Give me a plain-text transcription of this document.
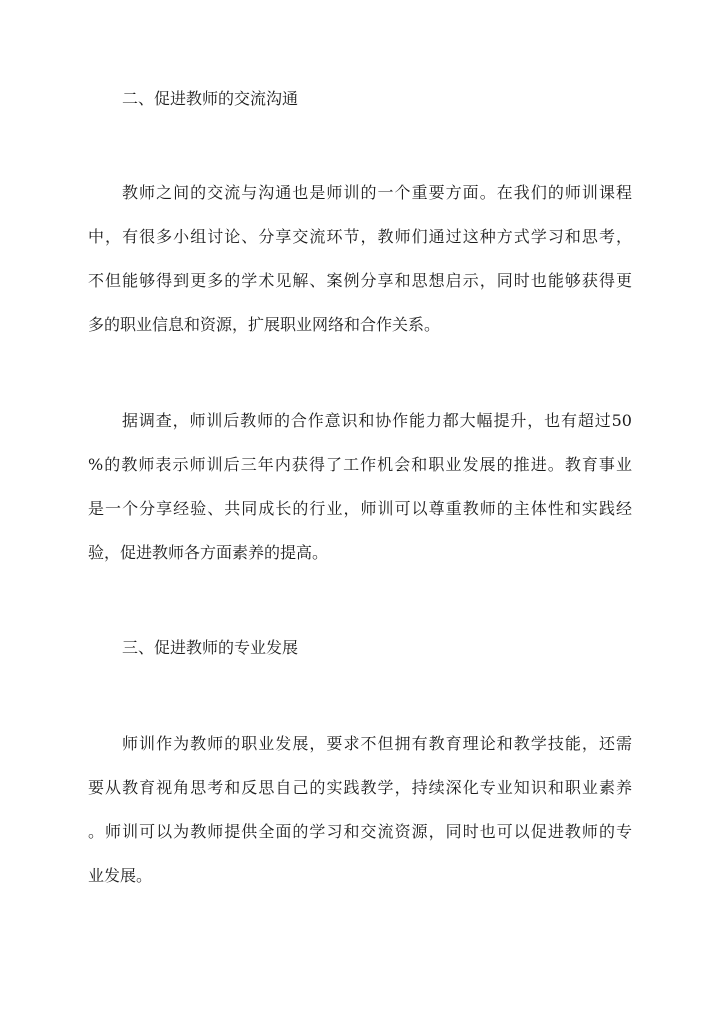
二、促进教师的交流沟通
教师之间的交流与沟通也是师训的一个重要方面。在我们的师训课程
中，有很多小组讨论、分享交流环节，教师们通过这种方式学习和思考，
不但能够得到更多的学术见解、案例分享和思想启示，同时也能够获得更
多的职业信息和资源，扩展职业网络和合作关系。
据调查，师训后教师的合作意识和协作能力都大幅提升，也有超过50
%的教师表示师训后三年内获得了工作机会和职业发展的推进。教育事业
是一个分享经验、共同成长的行业，师训可以尊重教师的主体性和实践经
验，促进教师各方面素养的提高。
三、促进教师的专业发展
师训作为教师的职业发展，要求不但拥有教育理论和教学技能，还需
要从教育视角思考和反思自己的实践教学，持续深化专业知识和职业素养
。师训可以为教师提供全面的学习和交流资源，同时也可以促进教师的专
业发展。
